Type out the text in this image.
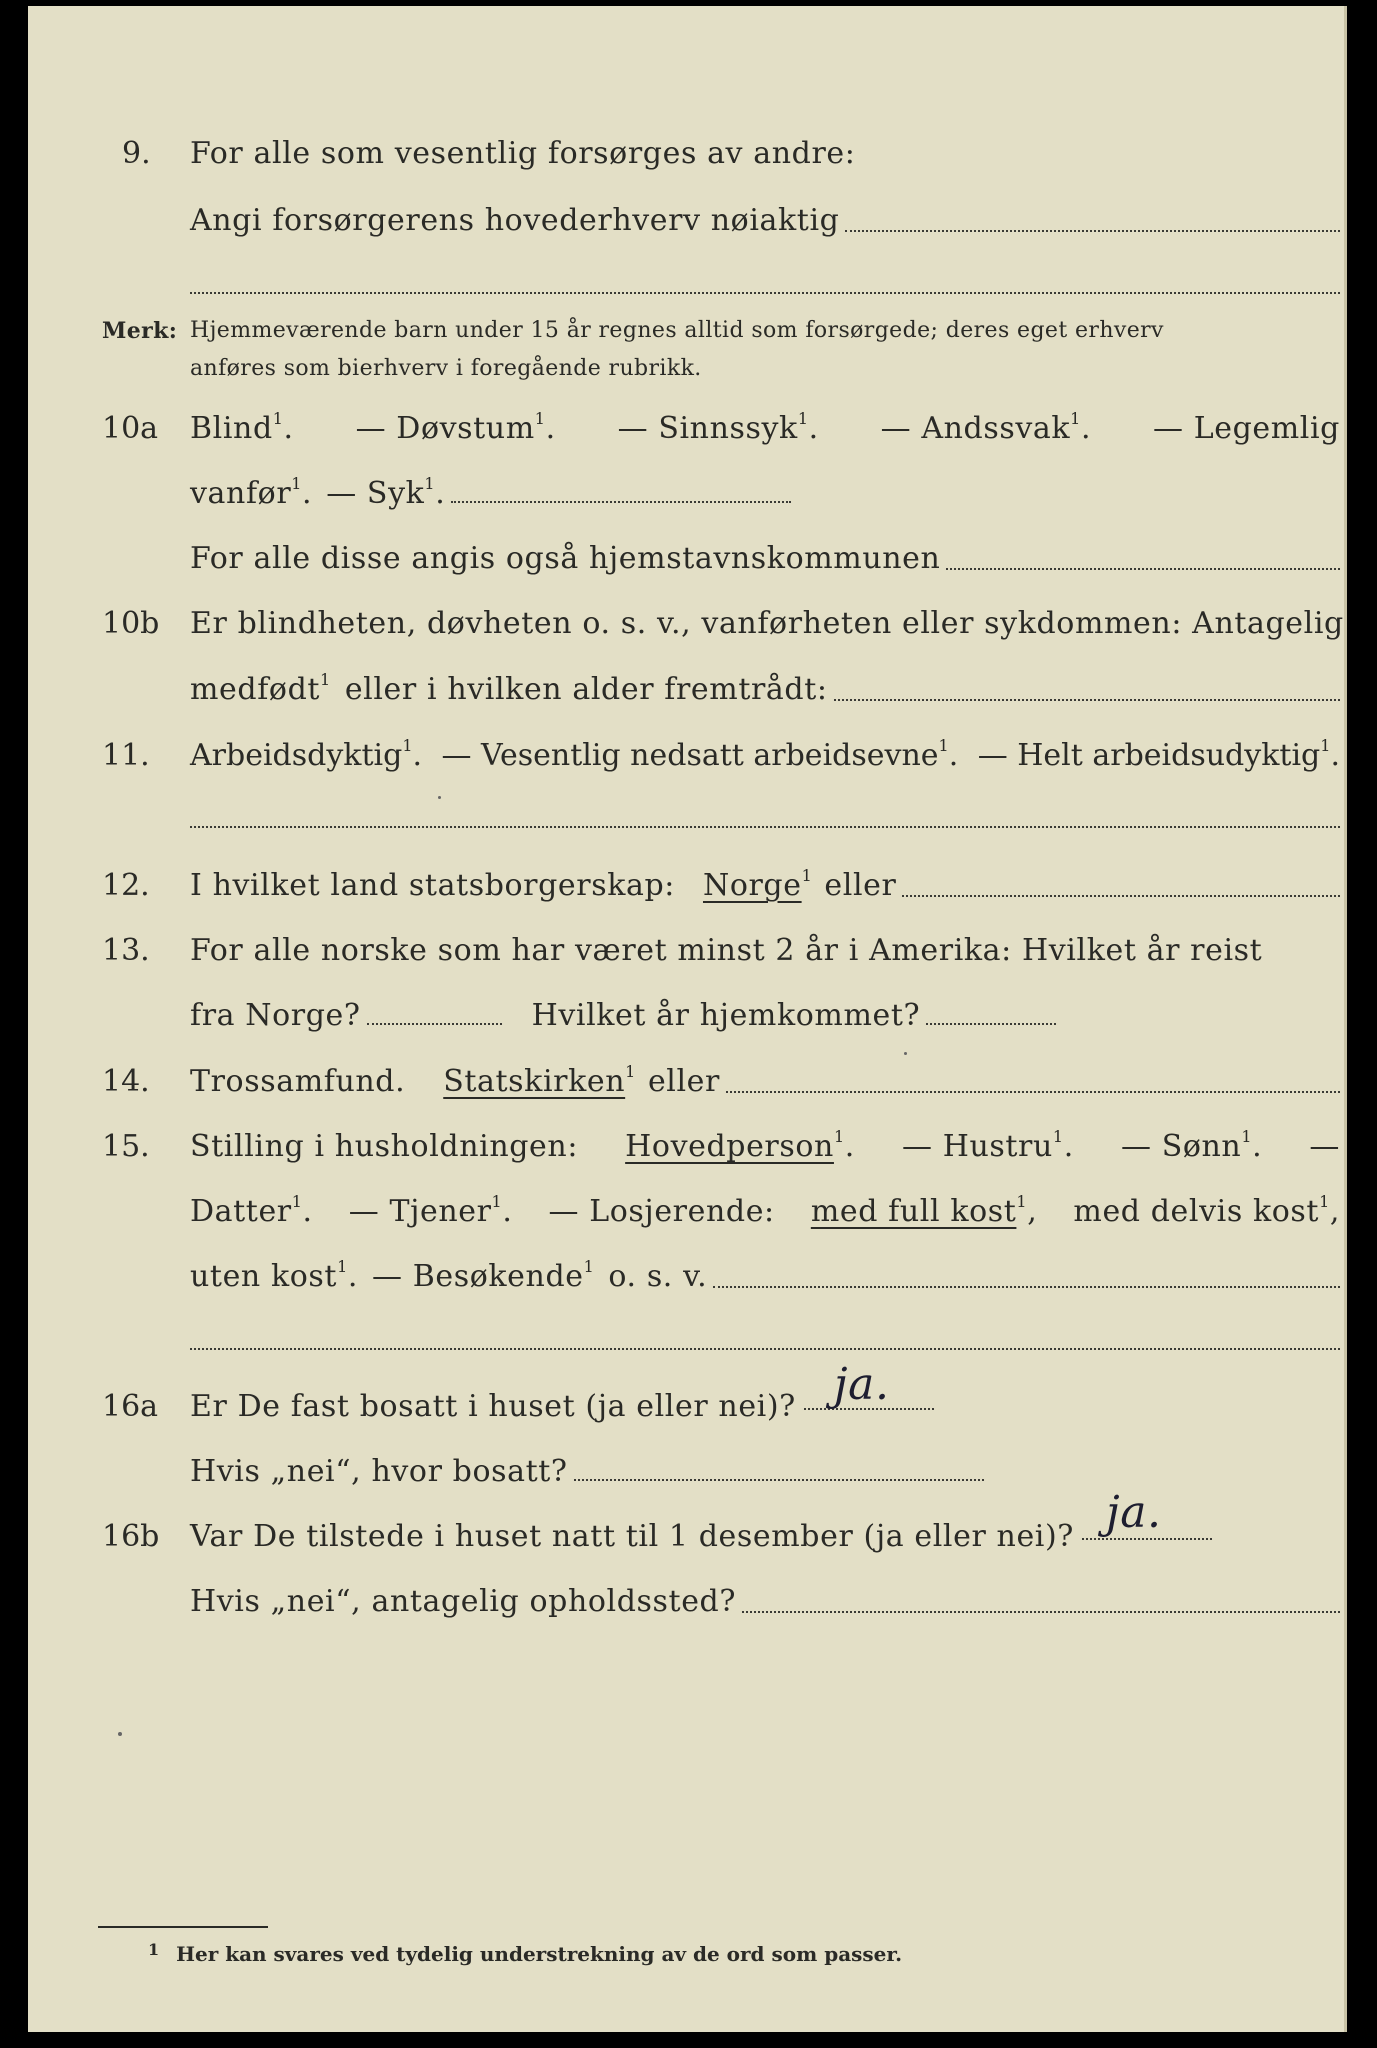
9. For alle som vesentlig forsørges av andre:
Angi forsørgerens hovederhverv nøiaktig
Merk: Hjemmeværende barn under 15 år regnes alltid som forsørgede; deres eget erhverv
anføres som bierhverv i foregående rubrikk.
10a Blind$^1$. — Døvstum$^1$. — Sinnssyk$^1$. — Andssvak$^1$. — Legemlig
vanfør$^1$. — Syk$^1$.
For alle disse angis også hjemstavnskommunen
10b Er blindheten, døvheten o. s. v., vanførheten eller sykdommen: Antagelig
medfødt$^1$ eller i hvilken alder fremtrådt:
11. Arbeidsdyktig$^1$. — Vesentlig nedsatt arbeidsevne$^1$. — Helt arbeidsudyktig$^1$.
12. I hvilket land statsborgerskap: Norge$^1$ eller
13. For alle norske som har været minst 2 år i Amerika: Hvilket år reist
fra Norge?	Hvilket år hjemkommet?
14. Trossamfund. Statskirken$^1$ eller
15. Stilling i husholdningen: Hovedperson$^1$. — Hustru$^1$. — Sønn$^1$. —
Datter$^1$. — Tjener$^1$. — Losjerende: med full kost$^1$, med delvis kost$^1$,
uten kost$^1$. — Besøkende$^1$ o. s. v.
16a Er De fast bosatt i huset (ja eller nei)? ja.
Hvis „nei“, hvor bosatt?
16b Var De tilstede i huset natt til 1 desember (ja eller nei)? ja.
Hvis „nei“, antagelig opholdssted?
$^1$ Her kan svares ved tydelig understrekning av de ord som passer.
